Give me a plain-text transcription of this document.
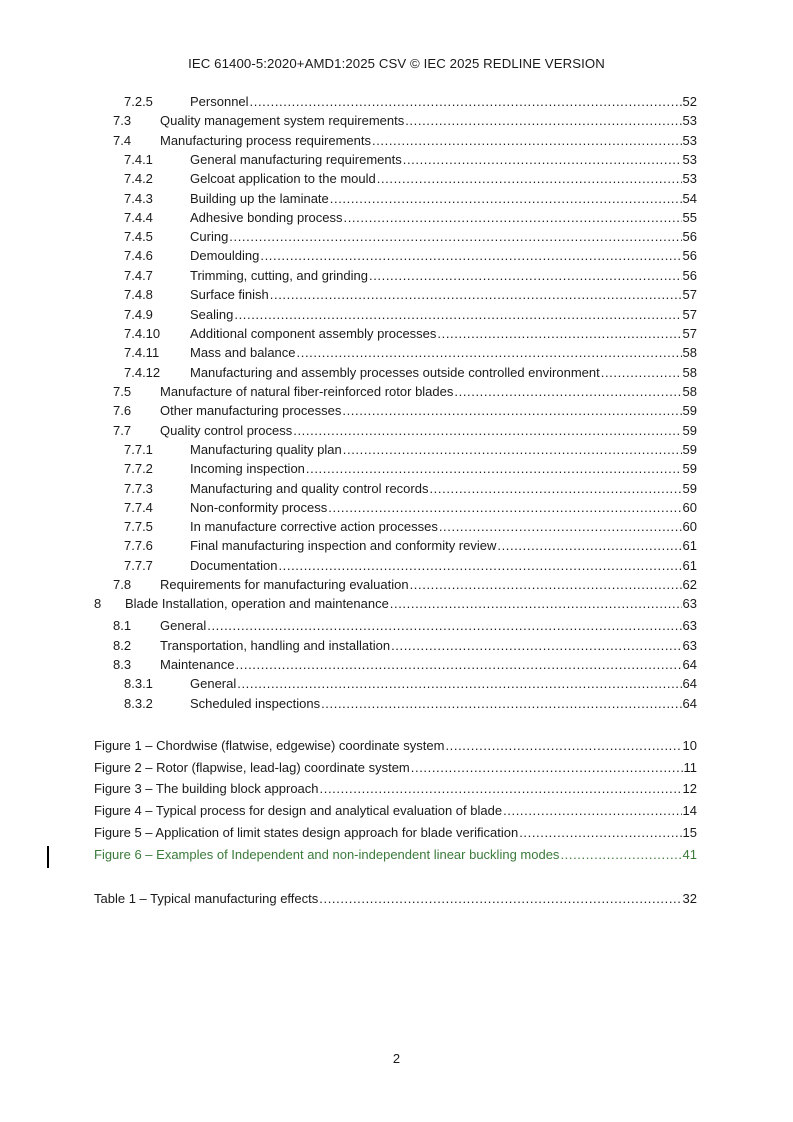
IEC 61400-5:2020+AMD1:2025 CSV © IEC 2025 REDLINE VERSION
7.2.5	Personnel .....	52
7.3 Quality management system requirements .....	53
7.4 Manufacturing process requirements .....	53
7.4.1	General manufacturing requirements .....	53
7.4.2	Gelcoat application to the mould .....	53
7.4.3	Building up the laminate .....	54
7.4.4	Adhesive bonding process .....	55
7.4.5	Curing .....	56
7.4.6	Demoulding .....	56
7.4.7	Trimming, cutting, and grinding .....	56
7.4.8	Surface finish .....	57
7.4.9	Sealing .....	57
7.4.10 Additional component assembly processes .....	57
7.4.11 Mass and balance .....	58
7.4.12 Manufacturing and assembly processes outside controlled environment .....	58
7.5 Manufacture of natural fiber-reinforced rotor blades .....	58
7.6 Other manufacturing processes .....	59
7.7 Quality control process .....	59
7.7.1	Manufacturing quality plan .....	59
7.7.2	Incoming inspection .....	59
7.7.3	Manufacturing and quality control records .....	59
7.7.4	Non-conformity process .....	60
7.7.5	In manufacture corrective action processes .....	60
7.7.6	Final manufacturing inspection and conformity review .....	61
7.7.7	Documentation .....	61
7.8 Requirements for manufacturing evaluation .....	62
8 Blade Installation, operation and maintenance .....	63
8.1 General .....	63
8.2 Transportation, handling and installation .....	63
8.3 Maintenance .....	64
8.3.1	General .....	64
8.3.2	Scheduled inspections .....	64
Figure 1 – Chordwise (flatwise, edgewise) coordinate system .....	10
Figure 2 – Rotor (flapwise, lead-lag) coordinate system .....	11
Figure 3 – The building block approach .....	12
Figure 4 – Typical process for design and analytical evaluation of blade .....	14
Figure 5 – Application of limit states design approach for blade verification .....	15
Figure 6 – Examples of Independent and non-independent linear buckling modes .....	41
Table 1 – Typical manufacturing effects .....	32
2
